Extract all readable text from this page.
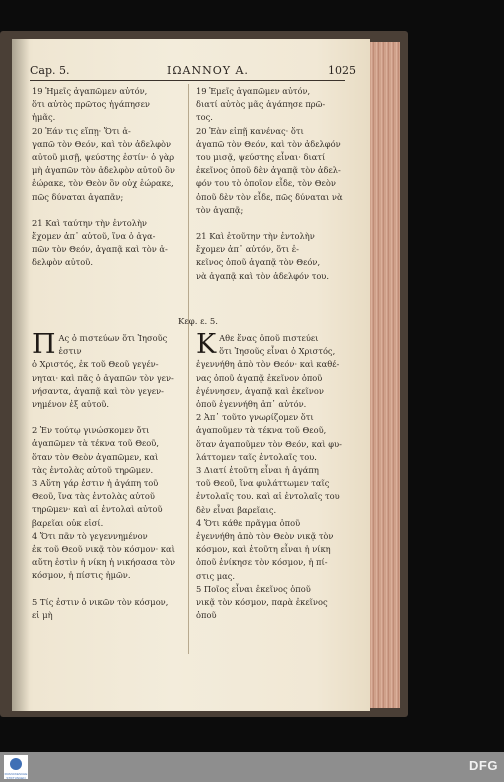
Cap. 5.	ΙΩΑΝΝΟΥ Α.	1025

19 Ἡμεῖς ἀγαπῶμεν αὐτόν,

ὅτι αὐτὸς πρῶτος ἠγάπησεν

ἡμᾶς.

20 Ἐάν τις εἴπῃ· Ὅτι ἀ-

γαπῶ τὸν Θεόν, καὶ τὸν ἀδελφὸν

αὐτοῦ μισῇ, ψεύστης ἐστίν· ὁ γὰρ

μὴ ἀγαπῶν τὸν ἀδελφὸν αὐτοῦ ὃν

ἑώρακε, τὸν Θεὸν ὃν οὐχ ἑώρακε,

πῶς δύναται ἀγαπᾶν;

21 Καὶ ταύτην τὴν ἐντολὴν

ἔχομεν ἀπ᾽ αὐτοῦ, ἵνα ὁ ἀγα-

πῶν τὸν Θεόν, ἀγαπᾷ καὶ τὸν ἀ-

δελφὸν αὐτοῦ.

19 Ἐμεῖς ἀγαπῶμεν αὐτόν,

διατί αὐτὸς μᾶς ἀγάπησε πρῶ-

τος.

20 Ἐὰν εἰπῇ κανένας· ὅτι

ἀγαπῶ τὸν Θεόν, καὶ τὸν ἀδελφόν

του μισᾷ, ψεύστης εἶναι· διατί

ἐκεῖνος ὁποῦ δὲν ἀγαπᾷ τὸν ἀδελ-

φόν του τὸ ὁποῖον εἶδε, τὸν Θεὸν

ὁποῦ δὲν τὸν εἶδε, πῶς δύναται νὰ

τὸν ἀγαπᾷ;

21 Καὶ ἐτοῦτην τὴν ἐντολὴν

ἔχομεν ἀπ᾽ αὐτόν, ὅτι ἐ-

κεῖνος ὁποῦ ἀγαπᾷ τὸν Θεόν,

νὰ ἀγαπᾷ καὶ τὸν ἀδελφόν του.

Κεφ. ε. 5.
Π Ας ὁ πιστεύων ὅτι Ἰησοῦς ἐστιν

ὁ Χριστός, ἐκ τοῦ Θεοῦ γεγέν-

νηται· καὶ πᾶς ὁ ἀγαπῶν τὸν γεν-

νήσαντα, ἀγαπᾷ καὶ τὸν γεγεν-

νημένον ἐξ αὐτοῦ.

2 Ἐν τούτῳ γινώσκομεν ὅτι

ἀγαπῶμεν τὰ τέκνα τοῦ Θεοῦ,

ὅταν τὸν Θεὸν ἀγαπῶμεν, καὶ

τὰς ἐντολὰς αὐτοῦ τηρῶμεν.

3 Αὕτη γάρ ἐστιν ἡ ἀγάπη τοῦ

Θεοῦ, ἵνα τὰς ἐντολὰς αὐτοῦ

τηρῶμεν· καὶ αἱ ἐντολαὶ αὐτοῦ

βαρεῖαι οὐκ εἰσί.

4 Ὅτι πᾶν τὸ γεγεννημένον

ἐκ τοῦ Θεοῦ νικᾷ τὸν κόσμον· καὶ

αὕτη ἐστὶν ἡ νίκη ἡ νικήσασα τὸν

κόσμον, ἡ πίστις ἡμῶν.

5 Τίς ἐστιν ὁ νικῶν τὸν κόσμον,

εἰ μὴ

Κ Αθε ἕνας ὁποῦ πιστεύει

ὅτι Ἰησοῦς εἶναι ὁ Χριστός,

ἐγεννήθη ἀπὸ τὸν Θεόν· καὶ καθέ-

νας ὁποῦ ἀγαπᾷ ἐκεῖνον ὁποῦ

ἐγέννησεν, ἀγαπᾷ καὶ ἐκεῖνον

ὁποῦ ἐγεννήθη ἀπ᾽ αὐτόν.

2 Ἀπ᾽ τοῦτο γνωρίζομεν ὅτι

ἀγαποῦμεν τὰ τέκνα τοῦ Θεοῦ,

ὅταν ἀγαποῦμεν τὸν Θεόν, καὶ φυ-

λάττομεν ταῖς ἐντολαῖς του.

3 Διατί ἐτοῦτη εἶναι ἡ ἀγάπη

τοῦ Θεοῦ, ἵνα φυλάττωμεν ταῖς

ἐντολαῖς του. καὶ αἱ ἐντολαῖς του

δὲν εἶναι βαρεῖαις.

4 Ὅτι κάθε πρᾶγμα ὁποῦ

ἐγεννήθη ἀπὸ τὸν Θεὸν νικᾷ τὸν

κόσμον, καὶ ἐτοῦτη εἶναι ἡ νίκη

ὁποῦ ἐνίκησε τὸν κόσμον, ἡ πί-

στις μας.

5 Ποῖος εἶναι ἐκεῖνος ὁποῦ

νικᾷ τὸν κόσμον, παρὰ ἐκεῖνος

ὁποῦ

FRANCKESCHE STIFTUNGEN
DFG
